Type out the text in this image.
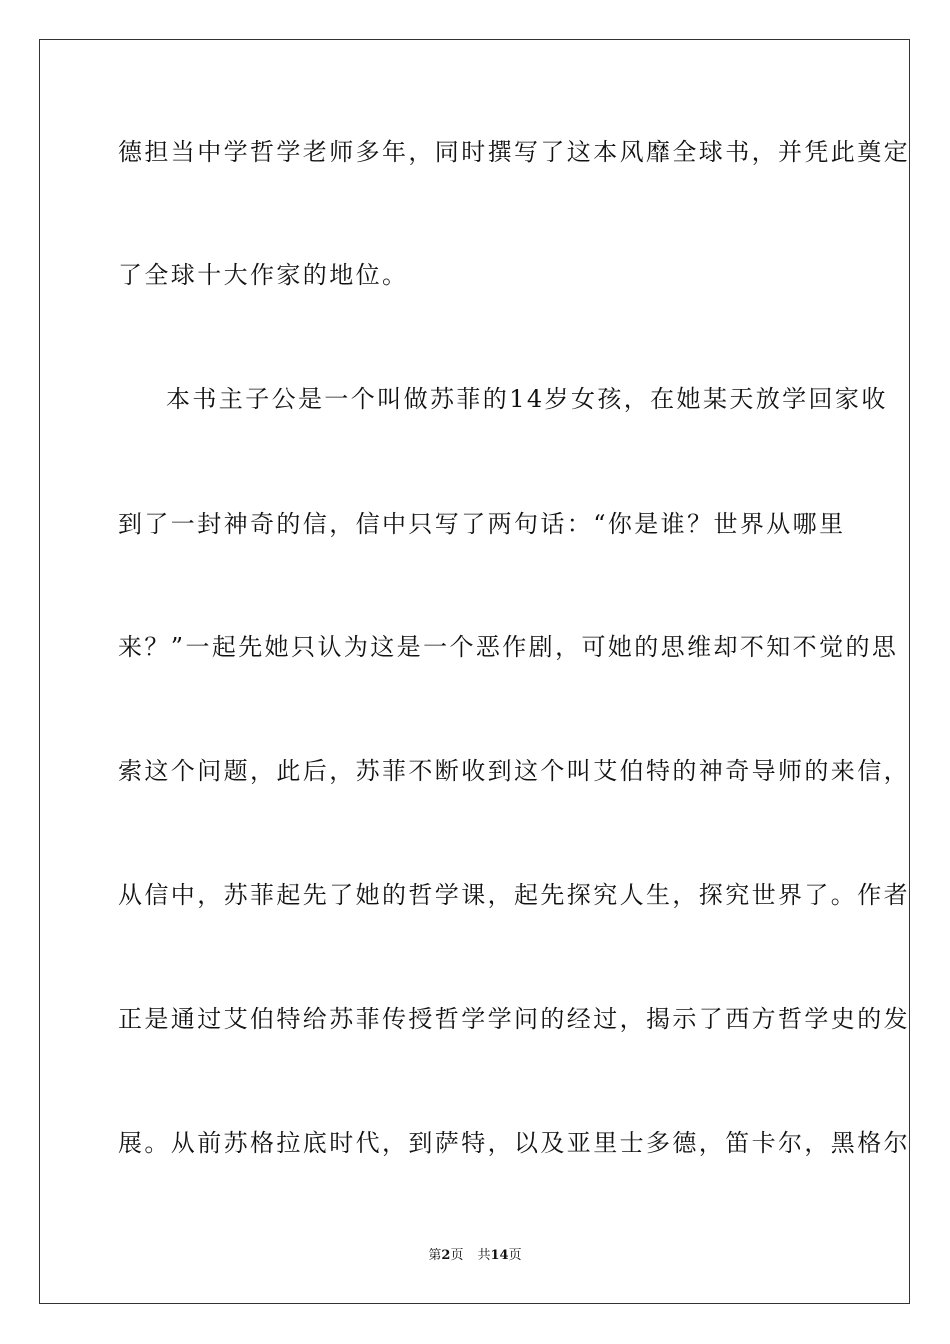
德担当中学哲学老师多年，同时撰写了这本风靡全球书，并凭此奠定
了全球十大作家的地位。
本书主子公是一个叫做苏菲的14岁女孩，在她某天放学回家收
到了一封神奇的信，信中只写了两句话：“你是谁？世界从哪里
来？”一起先她只认为这是一个恶作剧，可她的思维却不知不觉的思
索这个问题，此后，苏菲不断收到这个叫艾伯特的神奇导师的来信，
从信中，苏菲起先了她的哲学课，起先探究人生，探究世界了。作者
正是通过艾伯特给苏菲传授哲学学问的经过，揭示了西方哲学史的发
展。从前苏格拉底时代，到萨特，以及亚里士多德，笛卡尔，黑格尔
第2页 共14页
